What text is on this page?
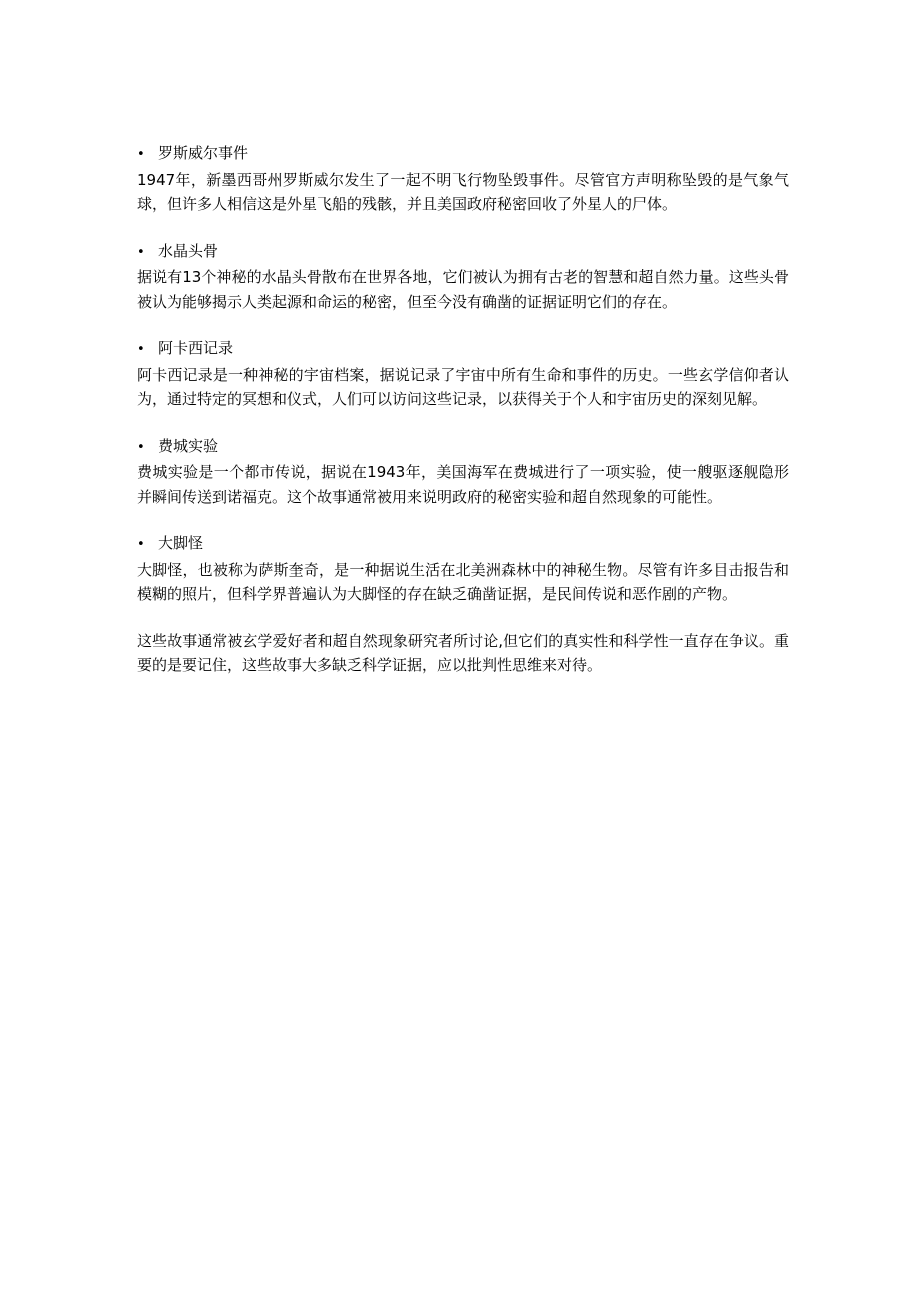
• 罗斯威尔事件

1947年，新墨西哥州罗斯威尔发生了一起不明飞行物坠毁事件。尽管官方声明称坠毁的是气象气球，但许多人相信这是外星飞船的残骸，并且美国政府秘密回收了外星人的尸体。

• 水晶头骨

据说有13个神秘的水晶头骨散布在世界各地，它们被认为拥有古老的智慧和超自然力量。这些头骨被认为能够揭示人类起源和命运的秘密，但至今没有确凿的证据证明它们的存在。

• 阿卡西记录

阿卡西记录是一种神秘的宇宙档案，据说记录了宇宙中所有生命和事件的历史。一些玄学信仰者认为，通过特定的冥想和仪式，人们可以访问这些记录，以获得关于个人和宇宙历史的深刻见解。

• 费城实验

费城实验是一个都市传说，据说在1943年，美国海军在费城进行了一项实验，使一艘驱逐舰隐形并瞬间传送到诺福克。这个故事通常被用来说明政府的秘密实验和超自然现象的可能性。

• 大脚怪

大脚怪，也被称为萨斯奎奇，是一种据说生活在北美洲森林中的神秘生物。尽管有许多目击报告和模糊的照片，但科学界普遍认为大脚怪的存在缺乏确凿证据，是民间传说和恶作剧的产物。

这些故事通常被玄学爱好者和超自然现象研究者所讨论,但它们的真实性和科学性一直存在争议。重要的是要记住，这些故事大多缺乏科学证据，应以批判性思维来对待。
